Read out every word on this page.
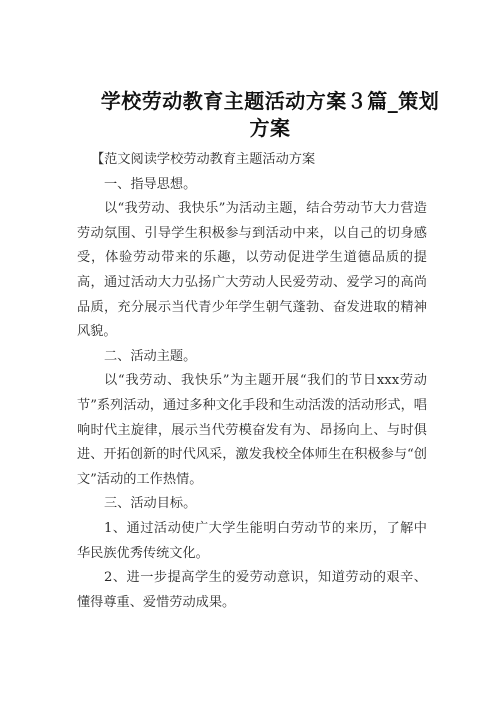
学校劳动教育主题活动方案３篇_策划方案

【范文阅读学校劳动教育主题活动方案

一、指导思想。

以“我劳动、我快乐”为活动主题，结合劳动节大力营造劳动氛围、引导学生积极参与到活动中来，以自己的切身感受，体验劳动带来的乐趣，以劳动促进学生道德品质的提高，通过活动大力弘扬广大劳动人民爱劳动、爱学习的高尚品质，充分展示当代青少年学生朝气蓬勃、奋发进取的精神风貌。

二、活动主题。

以“我劳动、我快乐”为主题开展“我们的节日xxx劳动节”系列活动，通过多种文化手段和生动活泼的活动形式，唱响时代主旋律，展示当代劳模奋发有为、昂扬向上、与时俱进、开拓创新的时代风采，激发我校全体师生在积极参与“创文”活动的工作热情。

三、活动目标。

1、通过活动使广大学生能明白劳动节的来历，了解中华民族优秀传统文化。

2、进一步提高学生的爱劳动意识，知道劳动的艰辛、懂得尊重、爱惜劳动成果。
